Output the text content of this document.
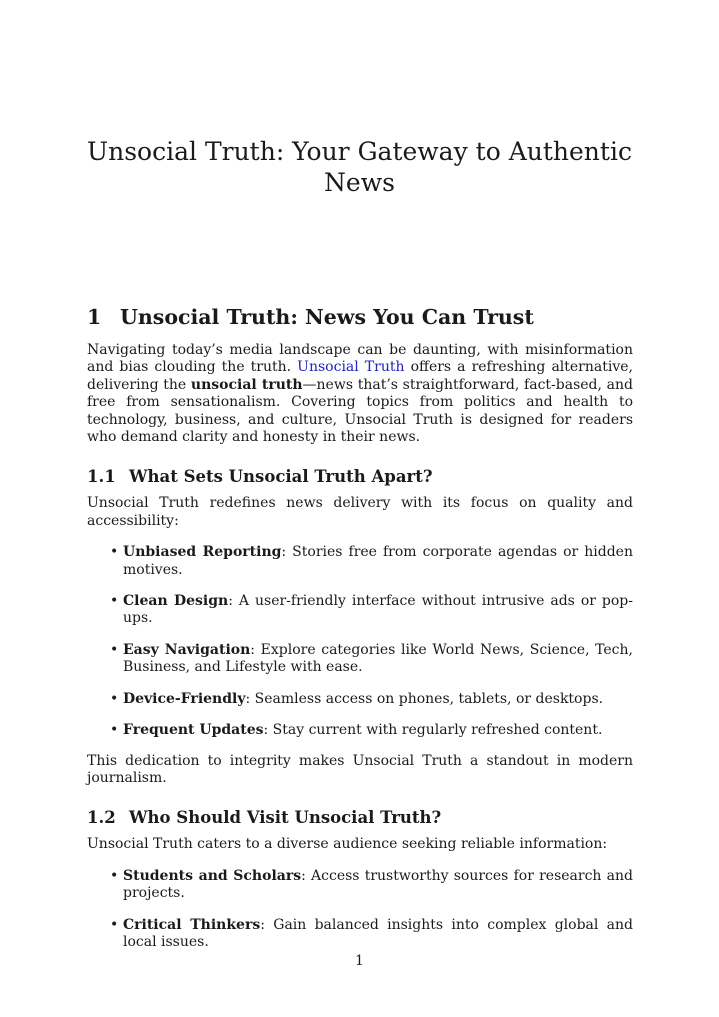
Unsocial Truth: Your Gateway to Authentic News
1 Unsocial Truth: News You Can Trust

Navigating today’s media landscape can be daunting, with misinformation and bias clouding the truth. Unsocial Truth offers a refreshing alternative, delivering the unsocial truth—news that’s straightforward, fact-based, and free from sensationalism. Covering topics from politics and health to technology, business, and culture, Unsocial Truth is designed for readers who demand clarity and honesty in their news.

1.1 What Sets Unsocial Truth Apart?

Unsocial Truth redefines news delivery with its focus on quality and accessibility:

• Unbiased Reporting: Stories free from corporate agendas or hidden motives.
• Clean Design: A user-friendly interface without intrusive ads or pop-ups.
• Easy Navigation: Explore categories like World News, Science, Tech, Business, and Lifestyle with ease.
• Device-Friendly: Seamless access on phones, tablets, or desktops.
• Frequent Updates: Stay current with regularly refreshed content.

This dedication to integrity makes Unsocial Truth a standout in modern journalism.

1.2 Who Should Visit Unsocial Truth?

Unsocial Truth caters to a diverse audience seeking reliable information:

• Students and Scholars: Access trustworthy sources for research and projects.
• Critical Thinkers: Gain balanced insights into complex global and local issues.
1
